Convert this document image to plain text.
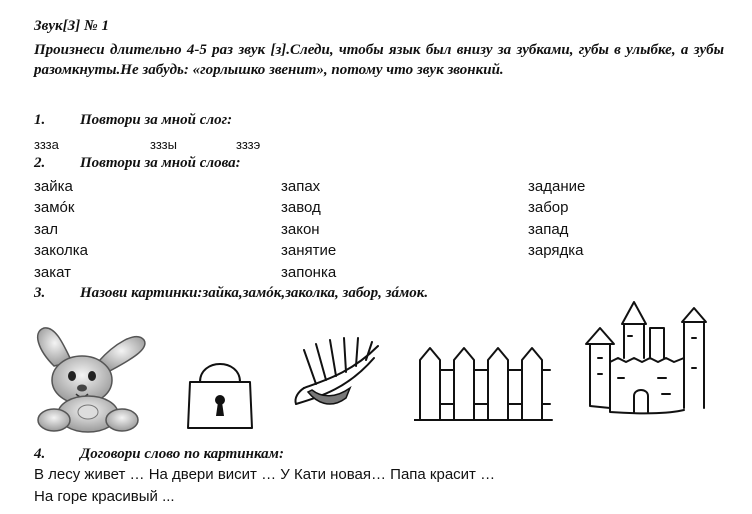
Звук[З] № 1
Произнеси длительно 4-5 раз звук [з].Следи, чтобы язык был внизу за зубками, губы в улыбке, а зубы разомкнуты.Не забудь: «горлышко звенит», потому что звук звонкий.
1. Повтори за мной слог:
ззза	зззы	зззэ
2. Повтори за мной слова:
зайка
замóк
зал
заколка
закат
запах
завод
закон
занятие
запонка
задание
забор
запад
зарядка
3. Назови картинки:зайка,замóк,заколка, забор, зáмок.
4. Договори слово по картинкам:
В лесу живет … На двери висит … У Кати новая… Папа красит …
На горе красивый ...
